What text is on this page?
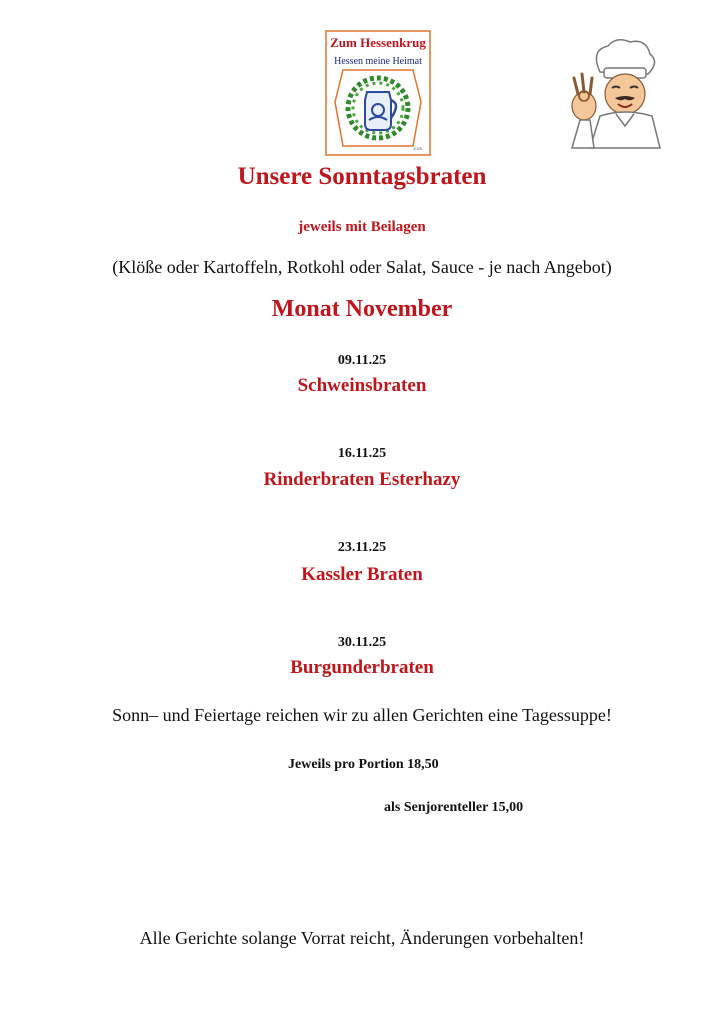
Zum Hessenkrug
Hessen meine Heimat
2025
Unsere Sonntagsbraten
jeweils mit Beilagen
(Klöße oder Kartoffeln, Rotkohl oder Salat, Sauce - je nach Angebot)
Monat November
09.11.25
Schweinsbraten
16.11.25
Rinderbraten Esterhazy
23.11.25
Kassler Braten
30.11.25
Burgunderbraten
Sonn– und Feiertage reichen wir zu allen Gerichten eine Tagessuppe!
Jeweils pro Portion 18,50
als Senjorenteller 15,00
Alle Gerichte solange Vorrat reicht, Änderungen vorbehalten!
